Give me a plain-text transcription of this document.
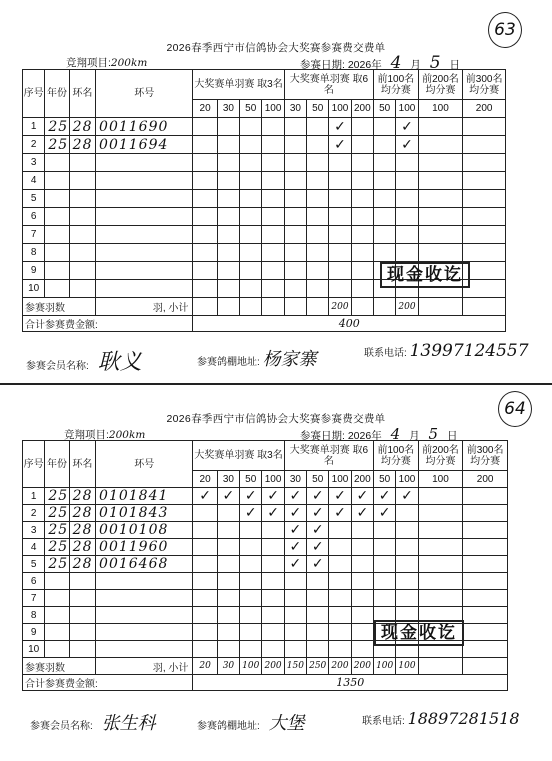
63
2026春季西宁市信鸽协会大奖赛参赛费交费单
竞翔项目:200km	参赛日期: 2026年 4 月 5 日
序号	年份	环名	环号	大奖赛单羽赛 取3名				大奖赛单羽赛 取6名				前100名均分赛		前200名均分赛	前300名均分赛
				20	30	50	100	30	50	100	200	50	100	100	200
1	25	28	0011690							✓			✓		
2	25	28	0011694							✓			✓		
3															
4															
5															
6															
7															
8															
9															
10															
参赛羽数			羽, 小计							200			200		
合计参赛费金额:				400											
参赛会员名称: 耿义	参赛鸽棚地址: 杨家寨	联系电话: 13997124557
现金收讫
64
2026春季西宁市信鸽协会大奖赛参赛费交费单
竞翔项目:200km	参赛日期: 2026年 4 月 5 日
序号	年份	环名	环号	大奖赛单羽赛 取3名				大奖赛单羽赛 取6名				前100名均分赛		前200名均分赛	前300名均分赛
				20	30	50	100	30	50	100	200	50	100	100	200
1	25	28	0101841	✓	✓	✓	✓	✓	✓	✓	✓	✓	✓		
2	25	28	0101843			✓	✓	✓	✓	✓	✓	✓			
3	25	28	0010108					✓	✓						
4	25	28	0011960					✓	✓						
5	25	28	0016468					✓	✓						
6															
7															
8															
9															
10															
参赛羽数			羽, 小计	20	30	100	200	150	250	200	200	100	100		
合计参赛费金额:				1350											
参赛会员名称: 张生科	参赛鸽棚地址: 大堡	联系电话: 18897281518
现金收讫
